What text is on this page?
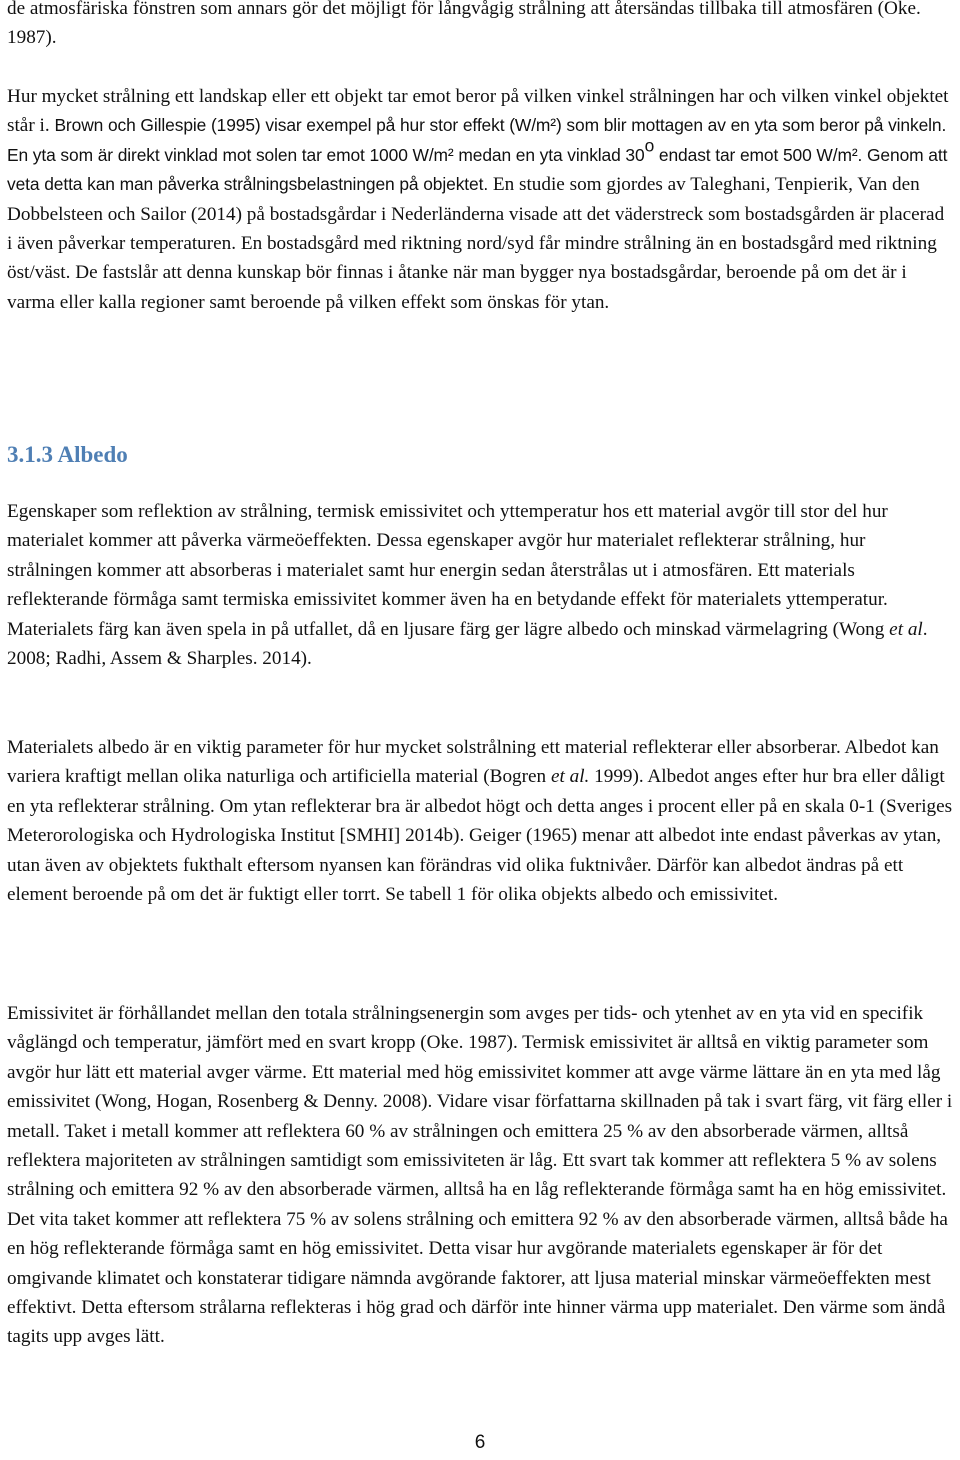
de atmosfäriska fönstren som annars gör det möjligt för långvågig strålning att återsändas tillbaka till atmosfären (Oke. 1987).

Hur mycket strålning ett landskap eller ett objekt tar emot beror på vilken vinkel strålningen har och vilken vinkel objektet står i. Brown och Gillespie (1995) visar exempel på hur stor effekt (W/m²) som blir mottagen av en yta som beror på vinkeln. En yta som är direkt vinklad mot solen tar emot 1000 W/m² medan en yta vinklad 30$^o$ endast tar emot 500 W/m². Genom att veta detta kan man påverka strålningsbelastningen på objektet. En studie som gjordes av Taleghani, Tenpierik, Van den Dobbelsteen och Sailor (2014) på bostadsgårdar i Nederländerna visade att det väderstreck som bostadsgården är placerad i även påverkar temperaturen. En bostadsgård med riktning nord/syd får mindre strålning än en bostadsgård med riktning öst/väst. De fastslår att denna kunskap bör finnas i åtanke när man bygger nya bostadsgårdar, beroende på om det är i varma eller kalla regioner samt beroende på vilken effekt som önskas för ytan.

3.1.3 Albedo

Egenskaper som reflektion av strålning, termisk emissivitet och yttemperatur hos ett material avgör till stor del hur materialet kommer att påverka värmeöeffekten. Dessa egenskaper avgör hur materialet reflekterar strålning, hur strålningen kommer att absorberas i materialet samt hur energin sedan återstrålas ut i atmosfären. Ett materials reflekterande förmåga samt termiska emissivitet kommer även ha en betydande effekt för materialets yttemperatur. Materialets färg kan även spela in på utfallet, då en ljusare färg ger lägre albedo och minskad värmelagring (Wong et al. 2008; Radhi, Assem & Sharples. 2014).

Materialets albedo är en viktig parameter för hur mycket solstrålning ett material reflekterar eller absorberar. Albedot kan variera kraftigt mellan olika naturliga och artificiella material (Bogren et al. 1999). Albedot anges efter hur bra eller dåligt en yta reflekterar strålning. Om ytan reflekterar bra är albedot högt och detta anges i procent eller på en skala 0-1 (Sveriges Meterorologiska och Hydrologiska Institut [SMHI] 2014b). Geiger (1965) menar att albedot inte endast påverkas av ytan, utan även av objektets fukthalt eftersom nyansen kan förändras vid olika fuktnivåer. Därför kan albedot ändras på ett element beroende på om det är fuktigt eller torrt. Se tabell 1 för olika objekts albedo och emissivitet.

Emissivitet är förhållandet mellan den totala strålningsenergin som avges per tids- och ytenhet av en yta vid en specifik våglängd och temperatur, jämfört med en svart kropp (Oke. 1987). Termisk emissivitet är alltså en viktig parameter som avgör hur lätt ett material avger värme. Ett material med hög emissivitet kommer att avge värme lättare än en yta med låg emissivitet (Wong, Hogan, Rosenberg & Denny. 2008). Vidare visar författarna skillnaden på tak i svart färg, vit färg eller i metall. Taket i metall kommer att reflektera 60 % av strålningen och emittera 25 % av den absorberade värmen, alltså reflektera majoriteten av strålningen samtidigt som emissiviteten är låg. Ett svart tak kommer att reflektera 5 % av solens strålning och emittera 92 % av den absorberade värmen, alltså ha en låg reflekterande förmåga samt ha en hög emissivitet. Det vita taket kommer att reflektera 75 % av solens strålning och emittera 92 % av den absorberade värmen, alltså både ha en hög reflekterande förmåga samt en hög emissivitet. Detta visar hur avgörande materialets egenskaper är för det omgivande klimatet och konstaterar tidigare nämnda avgörande faktorer, att ljusa material minskar värmeöeffekten mest effektivt. Detta eftersom strålarna reflekteras i hög grad och därför inte hinner värma upp materialet. Den värme som ändå tagits upp avges lätt.

6
